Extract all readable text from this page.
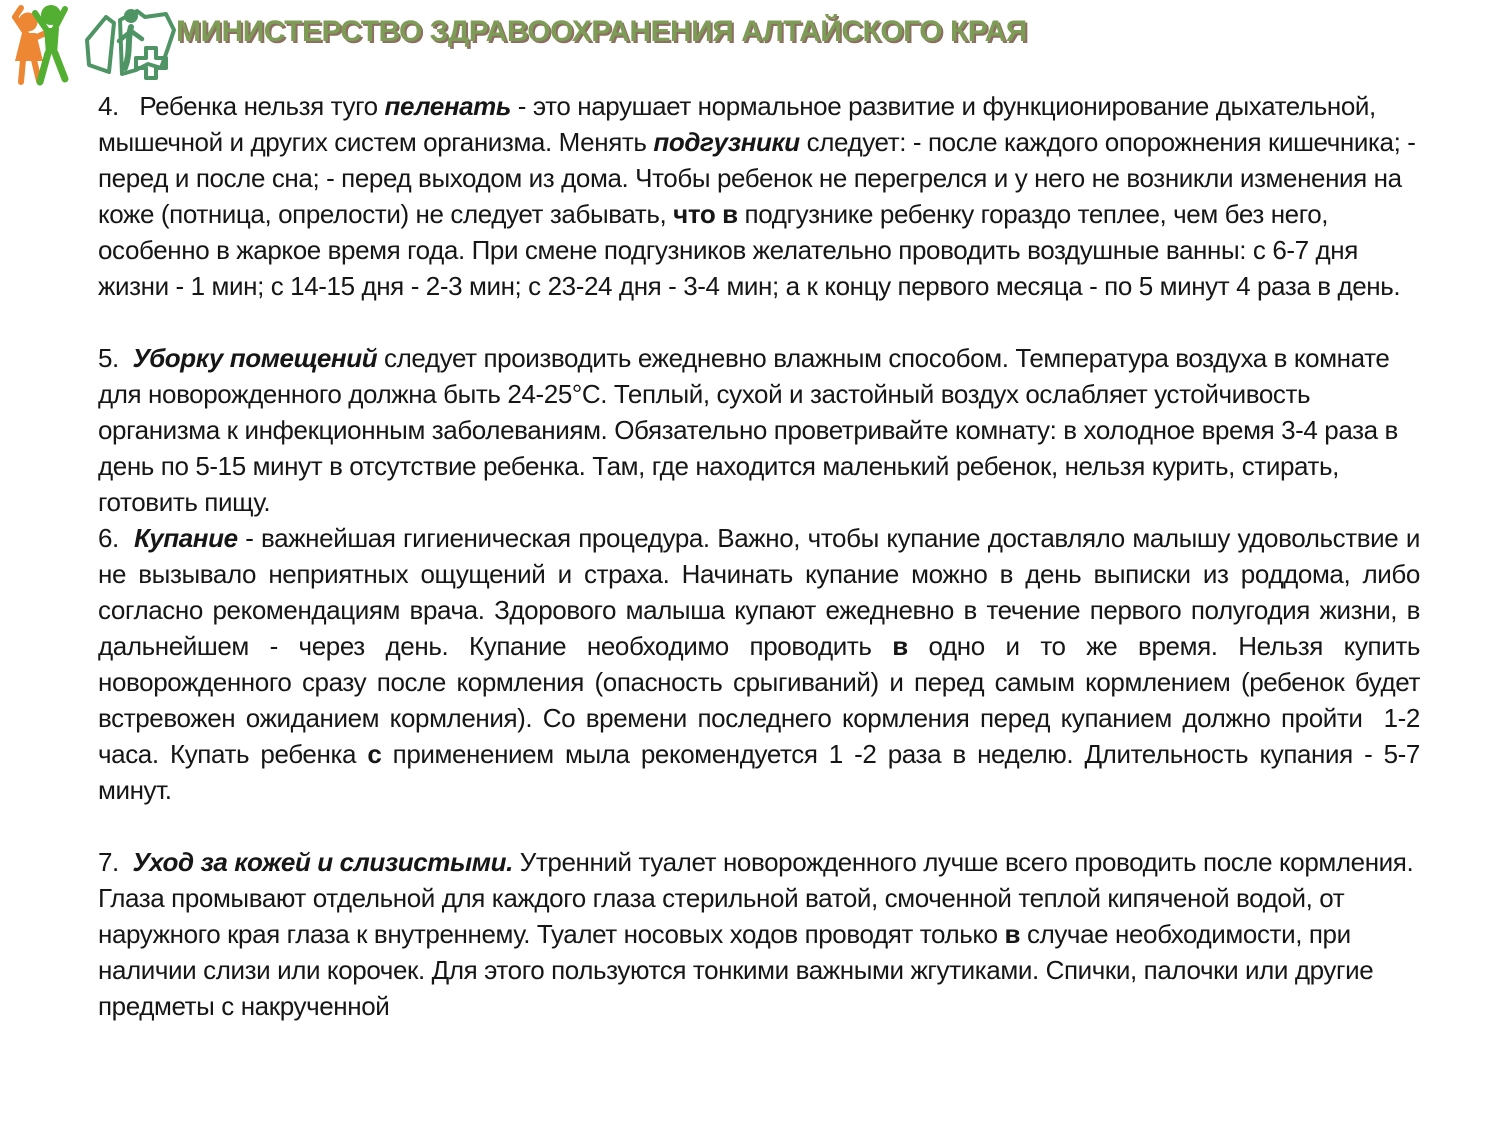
МИНИСТЕРСТВО ЗДРАВООХРАНЕНИЯ АЛТАЙСКОГО КРАЯ

4.   Ребенка нельзя туго пеленать - это нарушает нормальное развитие и функционирование дыхательной, мышечной и других систем организма. Менять подгузники следует: - после каждого опорожнения кишечника; - перед и после сна; - перед выходом из дома. Чтобы ребенок не перегрелся и у него не возникли изменения на коже (потница, опрелости) не следует забывать, что в подгузнике ребенку гораздо теплее, чем без него, особенно в жаркое время года. При смене подгузников желательно проводить воздушные ванны: с 6-7 дня жизни - 1 мин; с 14-15 дня - 2-3 мин; с 23-24 дня - 3-4 мин; а к концу первого месяца - по 5 минут 4 раза в день.

5.  Уборку помещений следует производить ежедневно влажным способом. Температура воздуха в комнате для новорожденного должна быть 24-25°С. Теплый, сухой и застойный воздух ослабляет устойчивость организма к инфекционным заболеваниям. Обязательно проветривайте комнату: в холодное время 3-4 раза в день по 5-15 минут в отсутствие ребенка. Там, где находится маленький ребенок, нельзя курить, стирать, готовить пищу.

6.  Купание - важнейшая гигиеническая процедура. Важно, чтобы купание доставляло малышу удовольствие и не вызывало неприятных ощущений и страха. Начинать купание можно в день выписки из роддома, либо согласно рекомендациям врача. Здорового малыша купают ежедневно в течение первого полугодия жизни, в дальнейшем - через день. Купание необходимо проводить в одно и то же время. Нельзя купить новорожденного сразу после кормления (опасность срыгиваний) и перед самым кормлением (ребенок будет встревожен ожиданием кормления). Со времени последнего кормления перед купанием должно пройти  1-2 часа. Купать ребенка с применением мыла рекомендуется 1 -2 раза в неделю. Длительность купания - 5-7 минут.

7.  Уход за кожей и слизистыми. Утренний туалет новорожденного лучше всего проводить после кормления. Глаза промывают отдельной для каждого глаза стерильной ватой, смоченной теплой кипяченой водой, от наружного края глаза к внутреннему. Туалет носовых ходов проводят только в случае необходимости, при наличии слизи или корочек. Для этого пользуются тонкими важными жгутиками. Спички, палочки или другие предметы с накрученной
